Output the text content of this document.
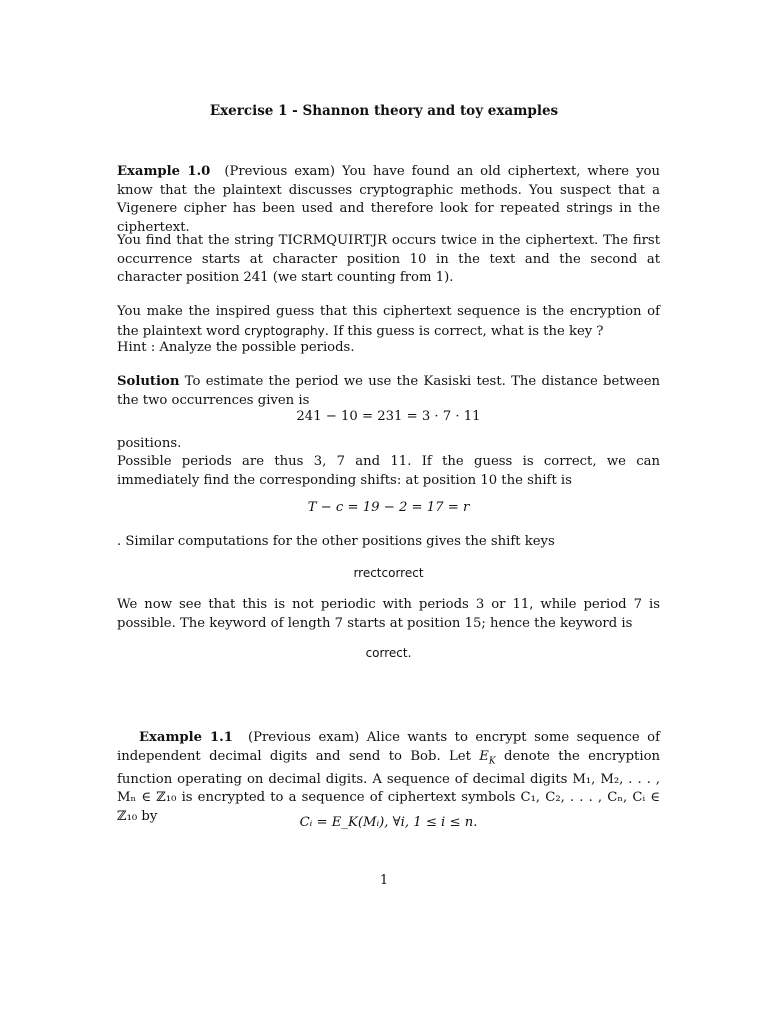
Exercise 1 - Shannon theory and toy examples
Example 1.0 (Previous exam) You have found an old ciphertext, where you know that the plaintext discusses cryptographic methods. You suspect that a Vigenere cipher has been used and therefore look for repeated strings in the ciphertext.
You find that the string TICRMQUIRTJR occurs twice in the ciphertext. The first occurrence starts at character position 10 in the text and the second at character position 241 (we start counting from 1).
You make the inspired guess that this ciphertext sequence is the encryption of the plaintext word cryptography. If this guess is correct, what is the key ?
Hint : Analyze the possible periods.
Solution To estimate the period we use the Kasiski test. The distance between the two occurrences given is
241 − 10 = 231 = 3 · 7 · 11
positions.
Possible periods are thus 3, 7 and 11. If the guess is correct, we can immediately find the corresponding shifts: at position 10 the shift is
T − c = 19 − 2 = 17 = r
. Similar computations for the other positions gives the shift keys
rrectcorrect
We now see that this is not periodic with periods 3 or 11, while period 7 is possible. The keyword of length 7 starts at position 15; hence the keyword is
correct.
Example 1.1 (Previous exam) Alice wants to encrypt some sequence of independent decimal digits and send to Bob. Let $E_K$ denote the encryption function operating on decimal digits. A sequence of decimal digits M₁, M₂, . . . , Mₙ ∈ ℤ₁₀ is encrypted to a sequence of ciphertext symbols C₁, C₂, . . . , Cₙ, Cᵢ ∈ ℤ₁₀ by	Cᵢ = E_K(Mᵢ), ∀i, 1 ≤ i ≤ n.
1
